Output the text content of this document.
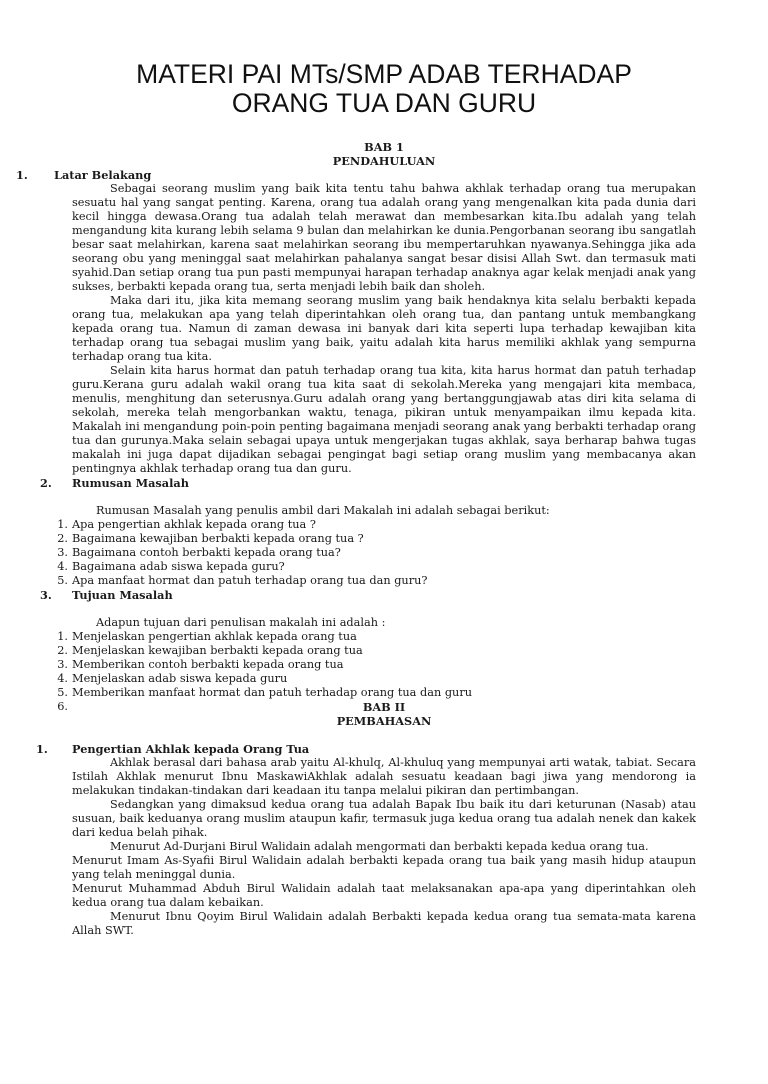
MATERI PAI MTs/SMP ADAB TERHADAP
ORANG TUA DAN GURU
BAB 1
PENDAHULUAN
1. Latar Belakang

Sebagai seorang muslim yang baik kita tentu tahu bahwa akhlak terhadap orang tua merupakan sesuatu hal yang sangat penting. Karena, orang tua adalah orang yang mengenalkan kita pada dunia dari kecil hingga dewasa.Orang tua adalah telah merawat dan membesarkan kita.Ibu adalah yang telah mengandung kita kurang lebih selama 9 bulan dan melahirkan ke dunia.Pengorbanan seorang ibu sangatlah besar saat melahirkan, karena saat melahirkan seorang ibu mempertaruhkan nyawanya.Sehingga jika ada seorang obu yang meninggal saat melahirkan pahalanya sangat besar disisi Allah Swt. dan termasuk mati syahid.Dan setiap orang tua pun pasti mempunyai harapan terhadap anaknya agar kelak menjadi anak yang sukses, berbakti kepada orang tua, serta menjadi lebih baik dan sholeh.

Maka dari itu, jika kita memang seorang muslim yang baik hendaknya kita selalu berbakti kepada orang tua, melakukan apa yang telah diperintahkan oleh orang tua, dan pantang untuk membangkang kepada orang tua. Namun di zaman dewasa ini banyak dari kita seperti lupa terhadap kewajiban kita terhadap orang tua sebagai muslim yang baik, yaitu adalah kita harus memiliki akhlak yang sempurna terhadap orang tua kita.

Selain kita harus hormat dan patuh terhadap orang tua kita, kita harus hormat dan patuh terhadap guru.Kerana guru adalah wakil orang tua kita saat di sekolah.Mereka yang mengajari kita membaca, menulis, menghitung dan seterusnya.Guru adalah orang yang bertanggungjawab atas diri kita selama di sekolah, mereka telah mengorbankan waktu, tenaga, pikiran untuk menyampaikan ilmu kepada kita. Makalah ini mengandung poin-poin penting bagaimana menjadi seorang anak yang berbakti terhadap orang tua dan gurunya.Maka selain sebagai upaya untuk mengerjakan tugas akhlak, saya berharap bahwa tugas makalah ini juga dapat dijadikan sebagai pengingat bagi setiap orang muslim yang membacanya akan pentingnya akhlak terhadap orang tua dan guru.

2. Rumusan Masalah

Rumusan Masalah yang penulis ambil dari Makalah ini adalah sebagai berikut:

1. Apa pengertian akhlak kepada orang tua ?
2. Bagaimana kewajiban berbakti kepada orang tua ?
3. Bagaimana contoh berbakti kepada orang tua?
4. Bagaimana adab siswa kepada guru?
5. Apa manfaat hormat dan patuh terhadap orang tua dan guru?
3. Tujuan Masalah

Adapun tujuan dari penulisan makalah ini adalah :

1. Menjelaskan pengertian akhlak kepada orang tua
2. Menjelaskan kewajiban berbakti kepada orang tua
3. Memberikan contoh berbakti kepada orang tua
4. Menjelaskan adab siswa kepada guru
5. Memberikan manfaat hormat dan patuh terhadap orang tua dan guru
6.	BAB II
PEMBAHASAN
1. Pengertian Akhlak kepada Orang Tua

Akhlak berasal dari bahasa arab yaitu Al-khulq, Al-khuluq yang mempunyai arti watak, tabiat. Secara Istilah Akhlak menurut Ibnu MaskawiAkhlak adalah sesuatu keadaan bagi jiwa yang mendorong ia melakukan tindakan-tindakan dari keadaan itu tanpa melalui pikiran dan pertimbangan.

Sedangkan yang dimaksud kedua orang tua adalah Bapak Ibu baik itu dari keturunan (Nasab) atau susuan, baik keduanya orang muslim ataupun kafir, termasuk juga kedua orang tua adalah nenek dan kakek dari kedua belah pihak.

Menurut Ad-Durjani Birul Walidain adalah mengormati dan berbakti kepada kedua orang tua.

Menurut Imam As-Syafii Birul Walidain adalah berbakti kepada orang tua baik yang masih hidup ataupun yang telah meninggal dunia.

Menurut Muhammad Abduh Birul Walidain adalah taat melaksanakan apa-apa yang diperintahkan oleh kedua orang tua dalam kebaikan.

Menurut Ibnu Qoyim Birul Walidain adalah Berbakti kepada kedua orang tua semata-mata karena Allah SWT.
